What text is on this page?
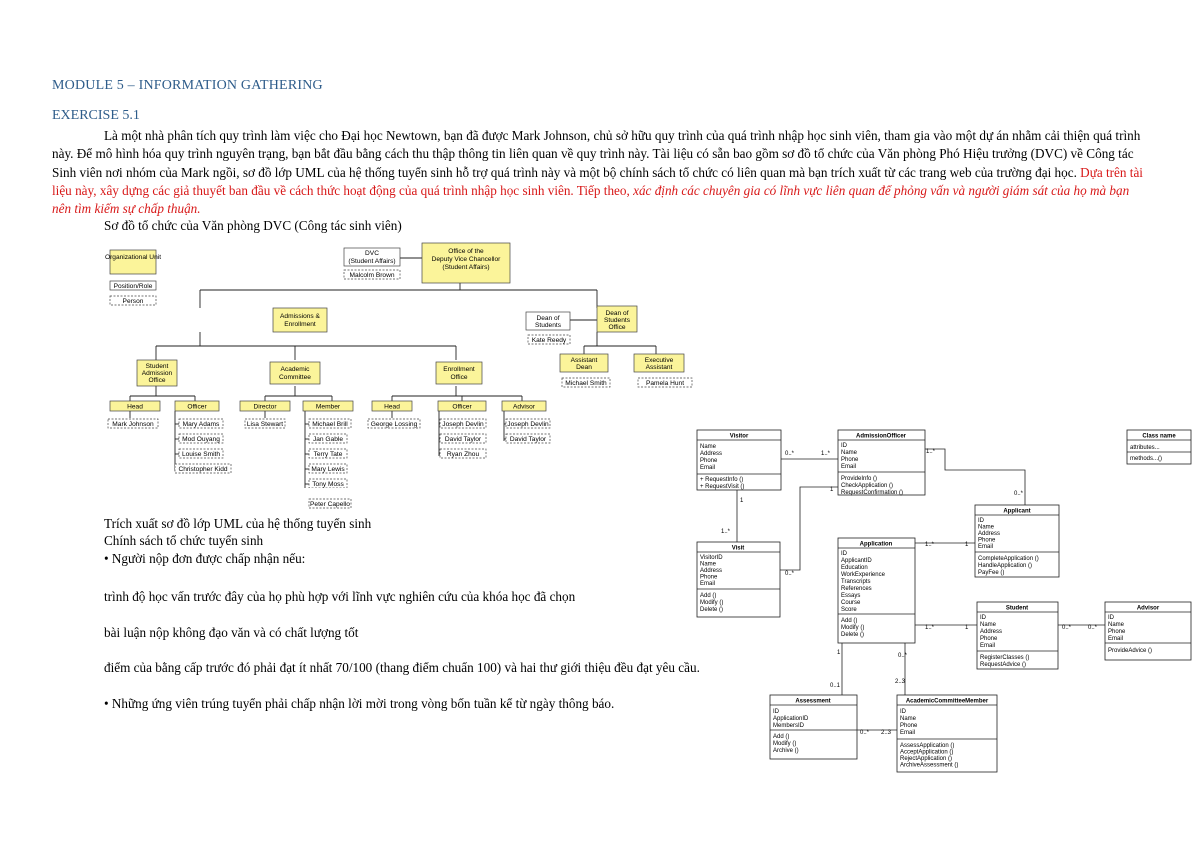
MODULE 5 – INFORMATION GATHERING
EXERCISE 5.1
Là một nhà phân tích quy trình làm việc cho Đại học Newtown, bạn đã được Mark Johnson, chủ sở hữu quy trình của quá trình nhập học sinh viên, tham gia vào một dự án nhằm cải thiện quá trình này. Để mô hình hóa quy trình nguyên trạng, bạn bắt đầu bằng cách thu thập thông tin liên quan về quy trình này. Tài liệu có sẵn bao gồm sơ đồ tổ chức của Văn phòng Phó Hiệu trưởng (DVC) về Công tác Sinh viên nơi nhóm của Mark ngồi, sơ đồ lớp UML của hệ thống tuyển sinh hỗ trợ quá trình này và một bộ chính sách tổ chức có liên quan mà bạn trích xuất từ các trang web của trường đại học. Dựa trên tài liệu này, xây dựng các giả thuyết ban đầu về cách thức hoạt động của quá trình nhập học sinh viên. Tiếp theo, xác định các chuyên gia có lĩnh vực liên quan để phỏng vấn và người giám sát của họ mà bạn nên tìm kiếm sự chấp thuận.
Sơ đồ tổ chức của Văn phòng DVC (Công tác sinh viên)
Organizational Unit
Position/Role
Person
DVC
(Student Affairs)
Malcolm Brown
Office of the
Deputy Vice Chancellor
(Student Affairs)
Admissions &
Enrollment
Dean of
Students
Kate Reedy
Dean of
Students
Office
Assistant
Dean
Michael Smith
Executive
Assistant
Pamela Hunt
Student
Admission
Office
Academic
Committee
Enrollment
Office
Head	Officer	Director	Member	Head	Officer	Advisor
Mark Johnson	Mary Adams
Mod Ouyang
Louise Smith
Christopher Kidd
Lisa Stewart	Michael Brill
Jan Gable
Terry Tate
Mary Lewis
Tony Moss
George Lossing	Joseph Devlin
David Taylor
Ryan Zhou
Joseph Devlin
David Taylor
Peter Capello
Trích xuất sơ đồ lớp UML của hệ thống tuyển sinh
Chính sách tổ chức tuyển sinh
• Người nộp đơn được chấp nhận nếu:
trình độ học vấn trước đây của họ phù hợp với lĩnh vực nghiên cứu của khóa học đã chọn
bài luận nộp không đạo văn và có chất lượng tốt
điểm của bằng cấp trước đó phải đạt ít nhất 70/100 (thang điểm chuẩn 100) và hai thư giới thiệu đều đạt yêu cầu.
• Những ứng viên trúng tuyển phải chấp nhận lời mời trong vòng bốn tuần kể từ ngày thông báo.
0..*	1..*
1
1..*
1..*
0..*
1
0..*
1..*	1
1..*	1	0..*	0..*
1
0..1
0..*
2..3
0..* 2..3
Visitor
Name
Address
Phone
Email
+ RequestInfo ()
+ RequestVisit ()
AdmissionOfficer
ID
Name
Phone
Email
ProvideInfo ()
CheckApplication ()
RequestConfirmation ()
Class name
attributes...
methods...()
Applicant
ID
Name
Address
Phone
Email
CompleteApplication ()
HandleApplication ()
PayFee ()
Visit
VisitorID
Name
Address
Phone
Email
Add ()
Modify ()
Delete ()
Application
ID
ApplicantID
Education
WorkExperience
Transcripts
References
Essays
Course
Score
Add ()
Modify ()
Delete ()
Student
ID
Name
Address
Phone
Email
RegisterClasses ()
RequestAdvice ()
Advisor
ID
Name
Phone
Email
ProvideAdvice ()
Assessment
ID
ApplicationID
MembersID
Add ()
Modify ()
Archive ()
AcademicCommitteeMember
ID
Name
Phone
Email
AssessApplication ()
AcceptApplication ()
RejectApplication ()
ArchiveAssessment ()
